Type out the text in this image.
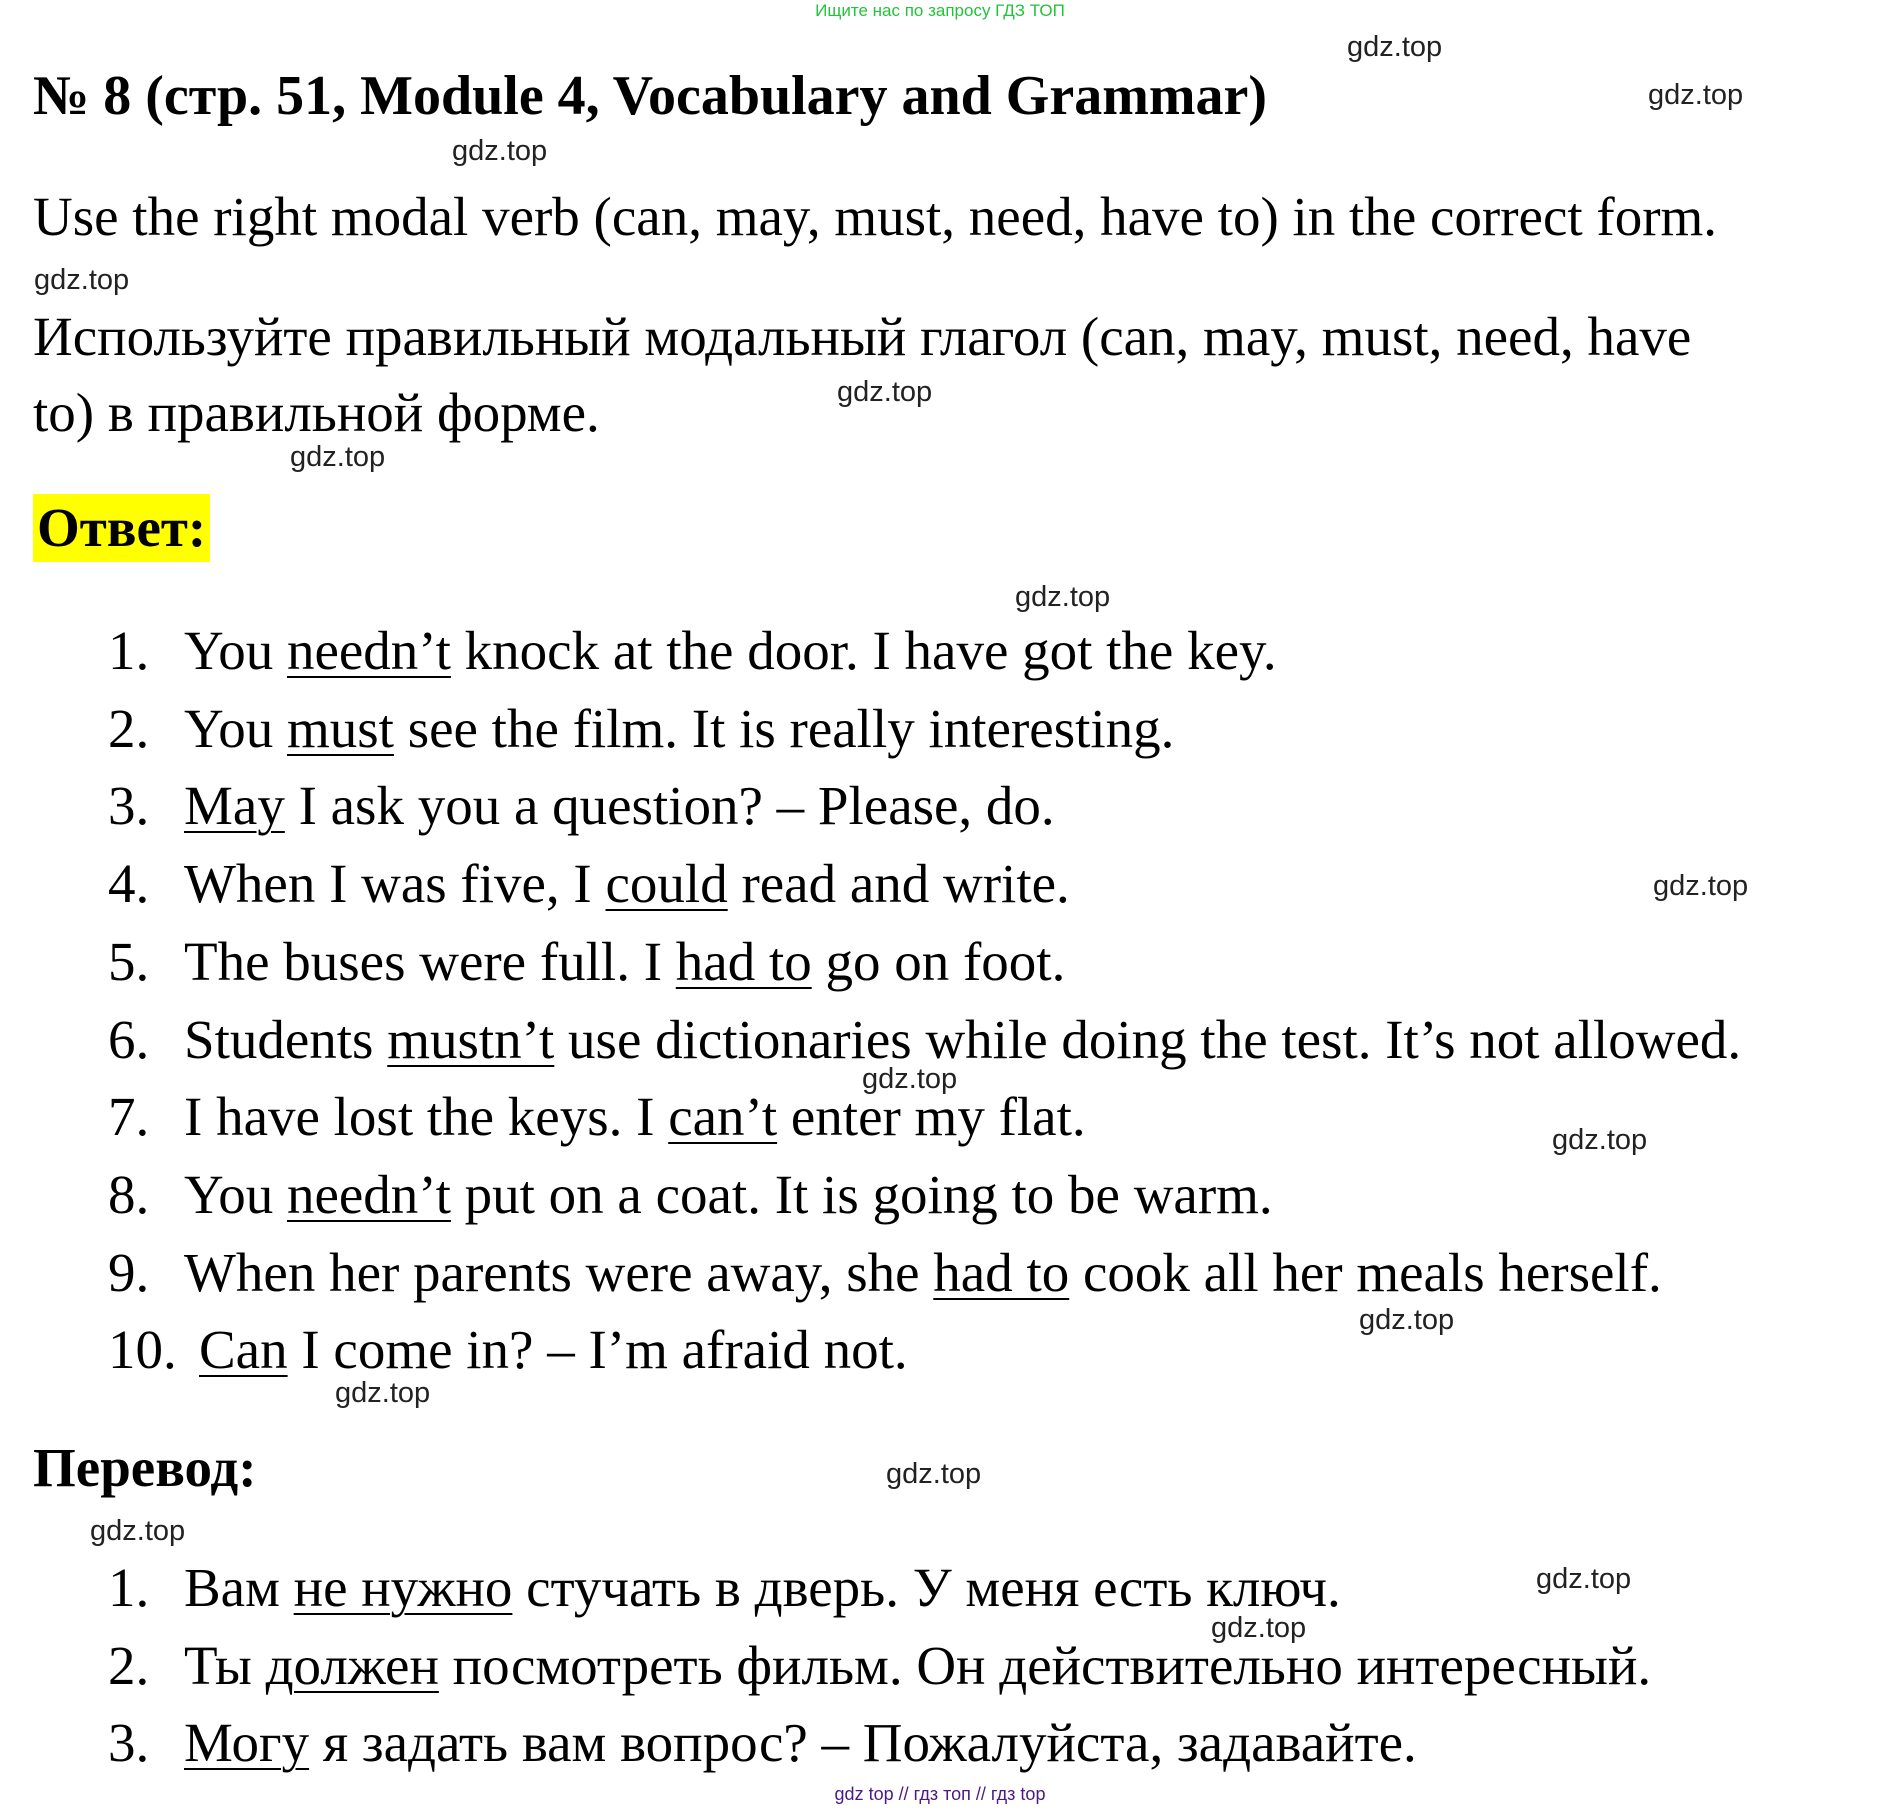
Ищите нас по запросу ГДЗ ТОП
№ 8 (стр. 51, Module 4, Vocabulary and Grammar)
Use the right modal verb (can, may, must, need, have to) in the correct form.
Используйте правильный модальный глагол (can, may, must, need, have
to) в правильной форме.
Ответ:
1. You needn’t knock at the door. I have got the key.
2. You must see the film. It is really interesting.
3. May I ask you a question? – Please, do.
4. When I was five, I could read and write.
5. The buses were full. I had to go on foot.
6. Students mustn’t use dictionaries while doing the test. It’s not allowed.
7. I have lost the keys. I can’t enter my flat.
8. You needn’t put on a coat. It is going to be warm.
9. When her parents were away, she had to cook all her meals herself.
10. Can I come in? – I’m afraid not.
Перевод:
1. Вам не нужно стучать в дверь. У меня есть ключ.
2. Ты должен посмотреть фильм. Он действительно интересный.
3. Могу я задать вам вопрос? – Пожалуйста, задавайте.
gdz.top
gdz.top
gdz.top
gdz.top
gdz.top
gdz.top
gdz.top
gdz.top
gdz.top
gdz.top
gdz.top
gdz.top
gdz.top
gdz.top
gdz.top
gdz.top
gdz top // гдз топ // гдз top
